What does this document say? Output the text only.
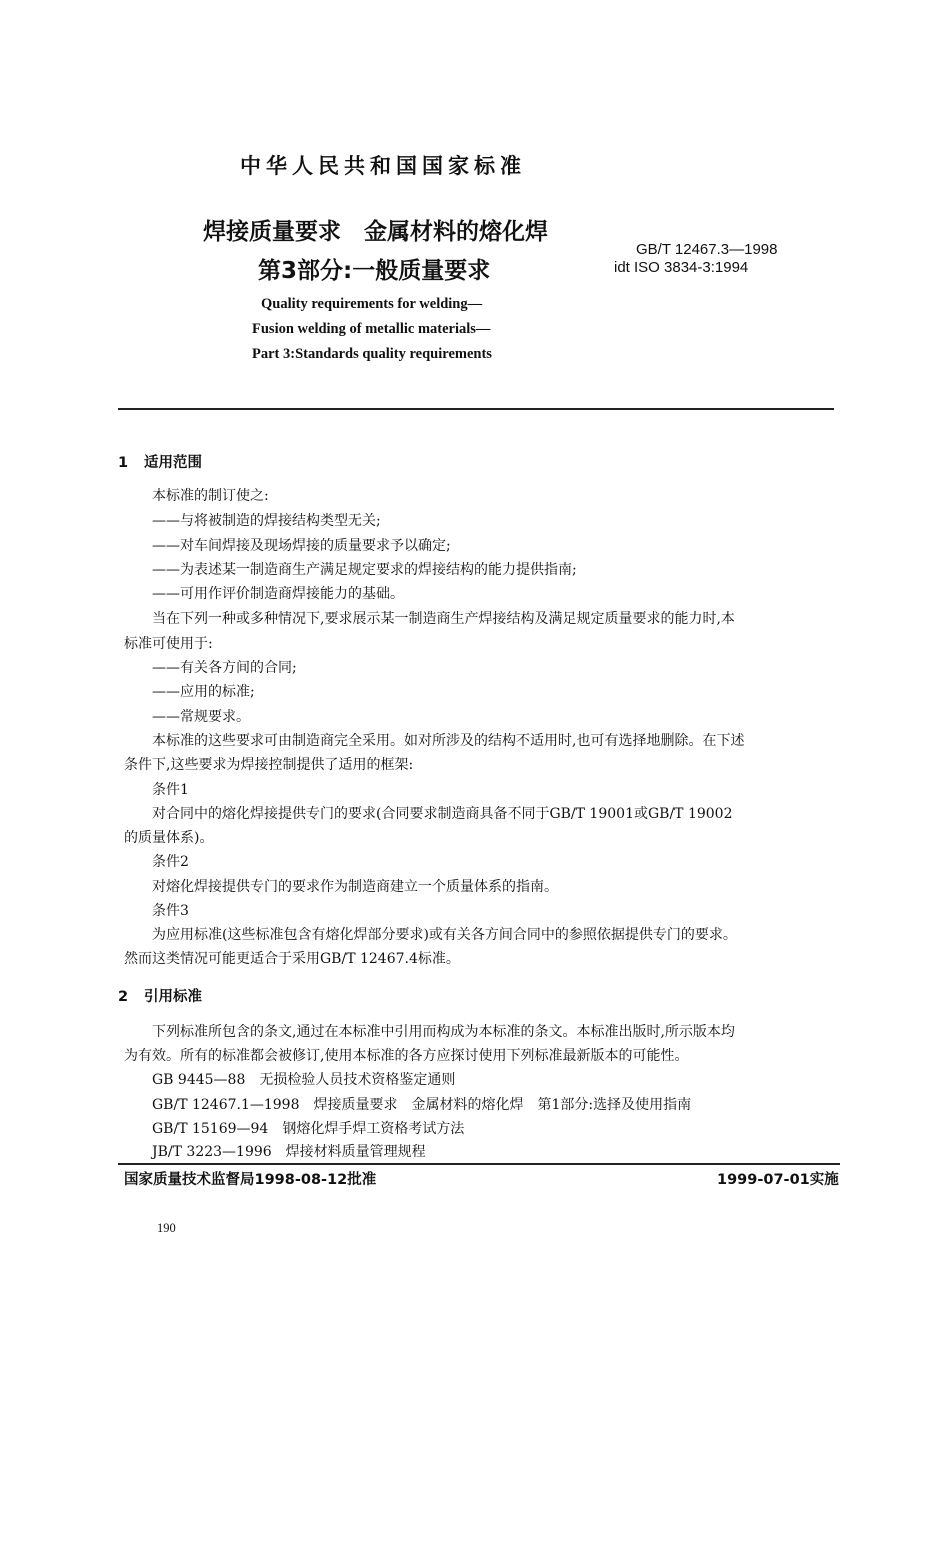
中华人民共和国国家标准
焊接质量要求　金属材料的熔化焊
第3部分:一般质量要求
GB/T 12467.3—1998
idt ISO 3834-3:1994
Quality requirements for welding—
Fusion welding of metallic materials—
Part 3:Standards quality requirements
1 适用范围
本标准的制订使之:
——与将被制造的焊接结构类型无关;
——对车间焊接及现场焊接的质量要求予以确定;
——为表述某一制造商生产满足规定要求的焊接结构的能力提供指南;
——可用作评价制造商焊接能力的基础。
当在下列一种或多种情况下,要求展示某一制造商生产焊接结构及满足规定质量要求的能力时,本
标准可使用于:
——有关各方间的合同;
——应用的标准;
——常规要求。
本标准的这些要求可由制造商完全采用。如对所涉及的结构不适用时,也可有选择地删除。在下述
条件下,这些要求为焊接控制提供了适用的框架:
条件1
对合同中的熔化焊接提供专门的要求(合同要求制造商具备不同于GB/T 19001或GB/T 19002
的质量体系)。
条件2
对熔化焊接提供专门的要求作为制造商建立一个质量体系的指南。
条件3
为应用标准(这些标准包含有熔化焊部分要求)或有关各方间合同中的参照依据提供专门的要求。
然而这类情况可能更适合于采用GB/T 12467.4标准。
2 引用标准
下列标准所包含的条文,通过在本标准中引用而构成为本标准的条文。本标准出版时,所示版本均
为有效。所有的标准都会被修订,使用本标准的各方应探讨使用下列标准最新版本的可能性。
GB 9445—88　无损检验人员技术资格鉴定通则
GB/T 12467.1—1998　焊接质量要求　金属材料的熔化焊　第1部分:选择及使用指南
GB/T 15169—94　钢熔化焊手焊工资格考试方法
JB/T 3223—1996　焊接材料质量管理规程
国家质量技术监督局1998-08-12批准	1999-07-01实施
190
